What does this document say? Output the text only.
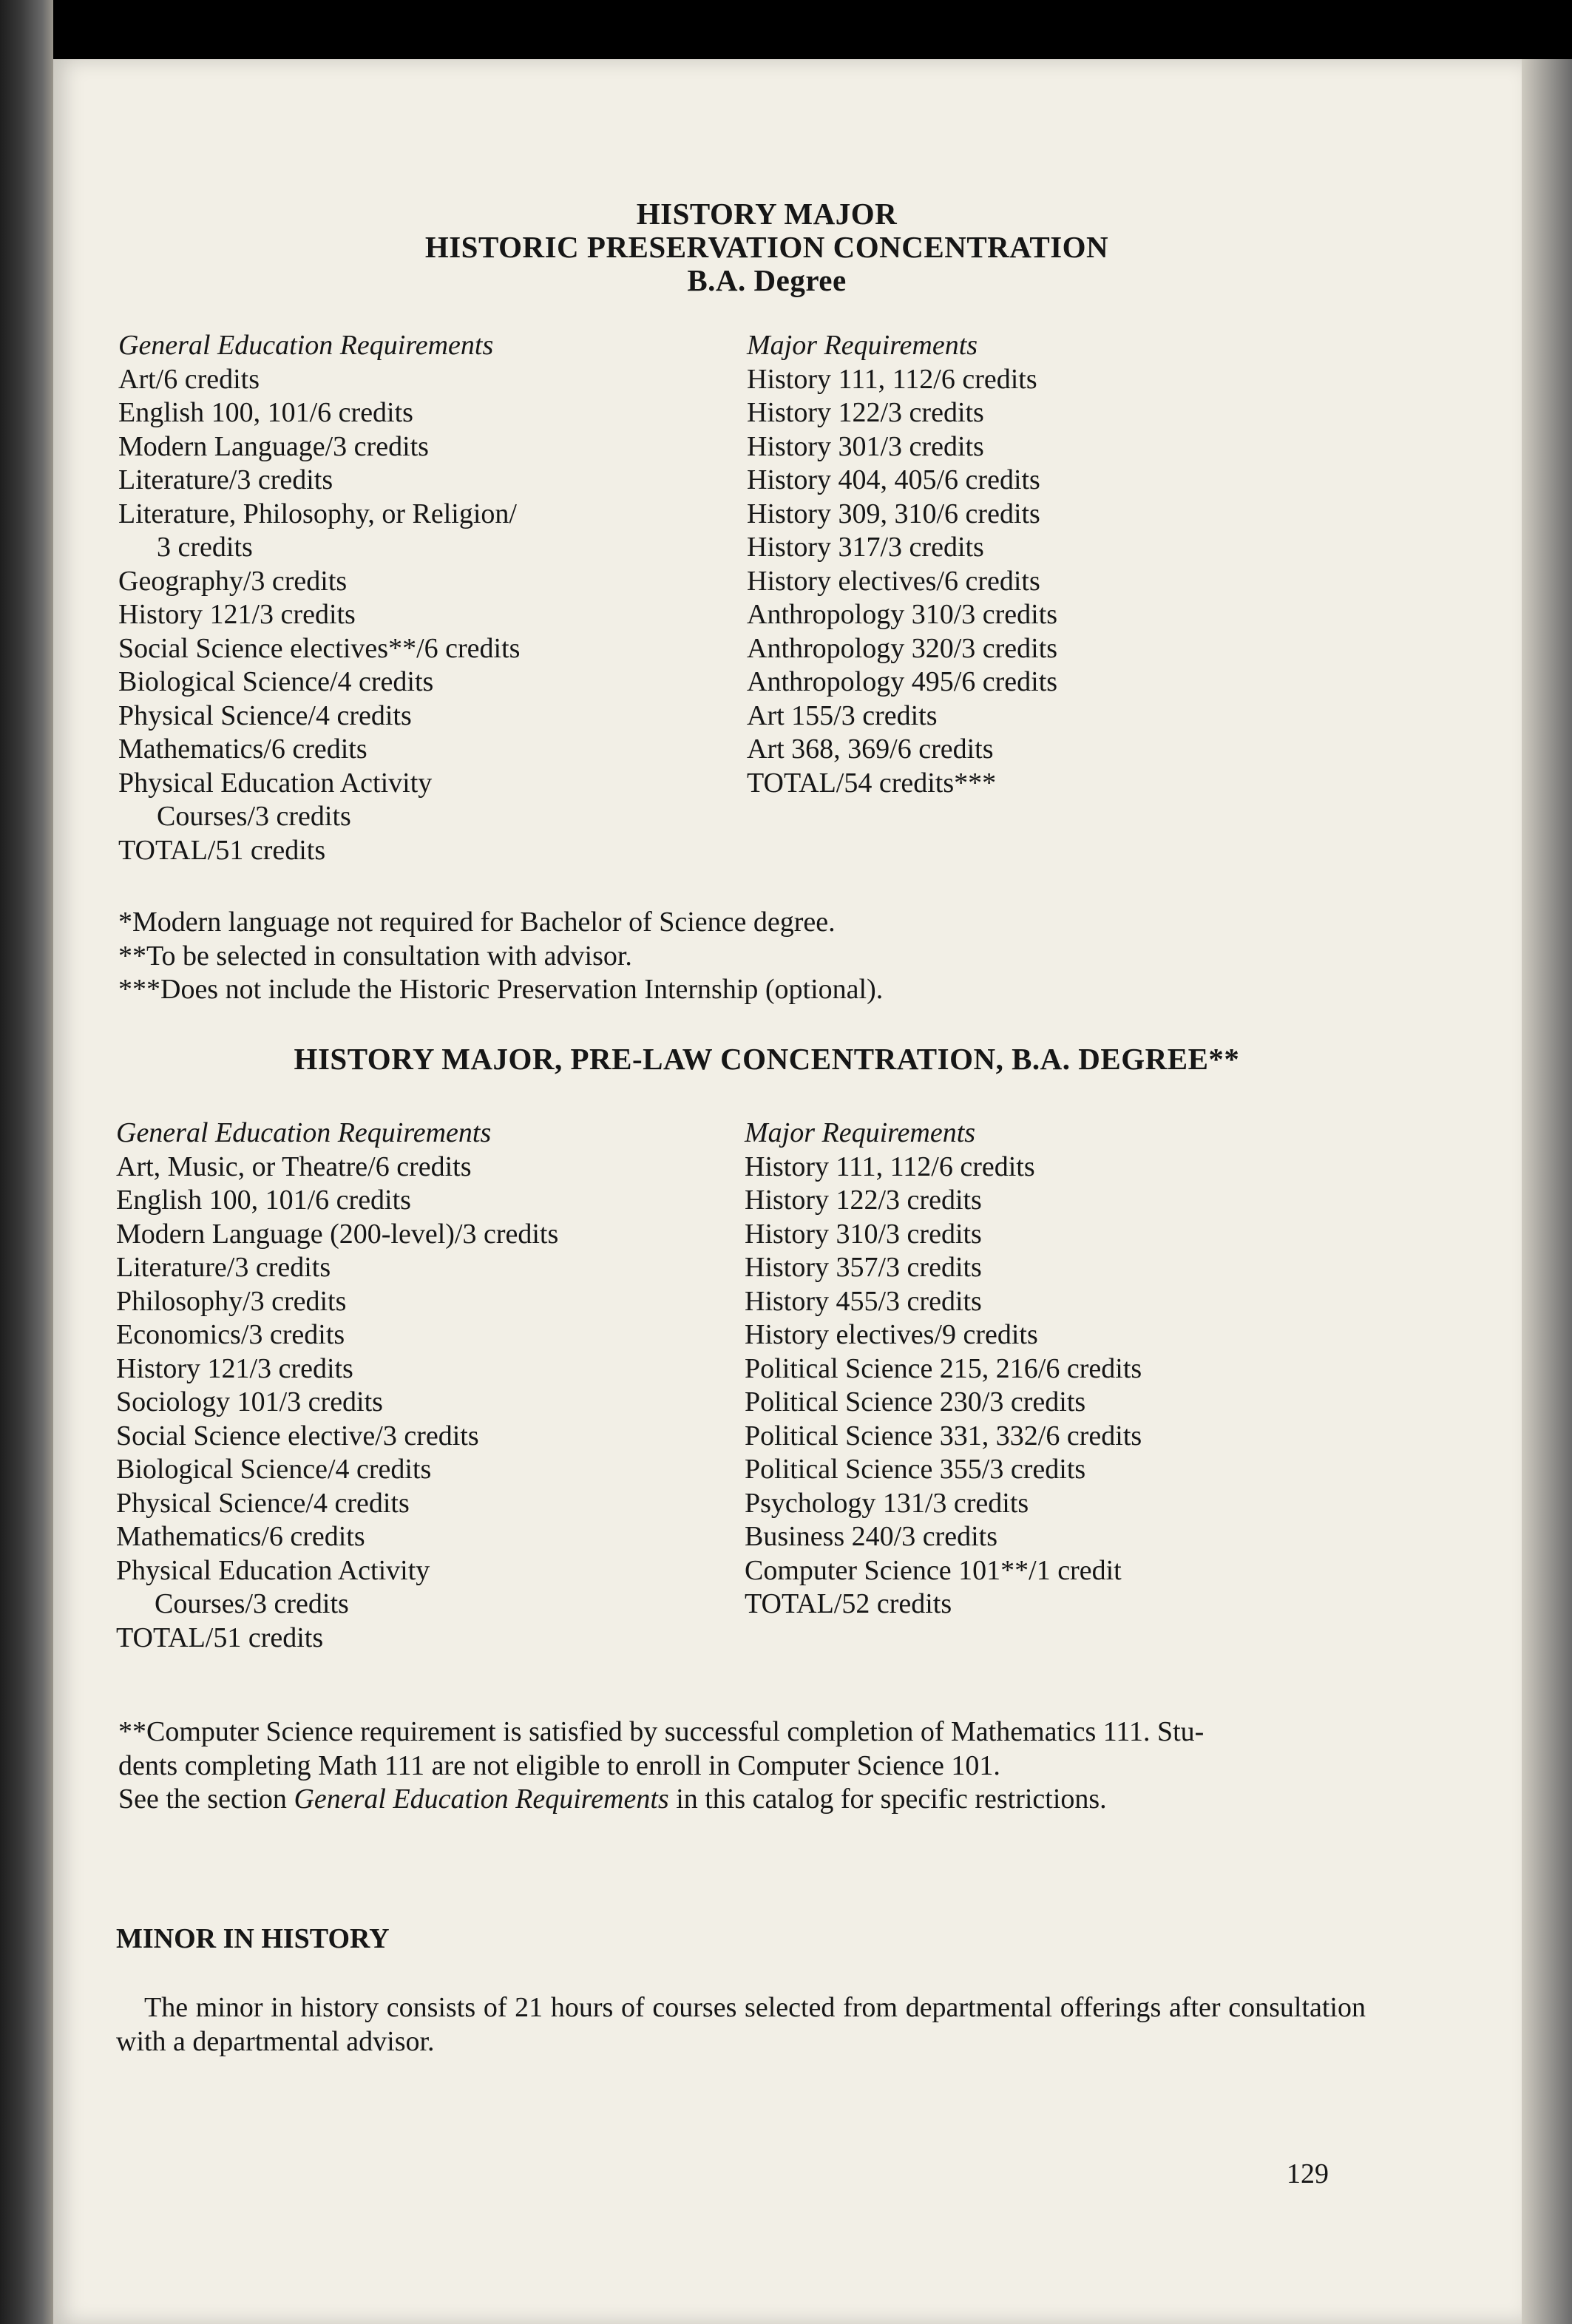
HISTORY MAJOR
HISTORIC PRESERVATION CONCENTRATION
B.A. Degree
General Education Requirements
Art/6 credits
English 100, 101/6 credits
Modern Language/3 credits
Literature/3 credits
Literature, Philosophy, or Religion/
3 credits
Geography/3 credits
History 121/3 credits
Social Science electives**/6 credits
Biological Science/4 credits
Physical Science/4 credits
Mathematics/6 credits
Physical Education Activity
Courses/3 credits
TOTAL/51 credits
Major Requirements
History 111, 112/6 credits
History 122/3 credits
History 301/3 credits
History 404, 405/6 credits
History 309, 310/6 credits
History 317/3 credits
History electives/6 credits
Anthropology 310/3 credits
Anthropology 320/3 credits
Anthropology 495/6 credits
Art 155/3 credits
Art 368, 369/6 credits
TOTAL/54 credits***
*Modern language not required for Bachelor of Science degree.
**To be selected in consultation with advisor.
***Does not include the Historic Preservation Internship (optional).
HISTORY MAJOR, PRE-LAW CONCENTRATION, B.A. DEGREE**
General Education Requirements
Art, Music, or Theatre/6 credits
English 100, 101/6 credits
Modern Language (200-level)/3 credits
Literature/3 credits
Philosophy/3 credits
Economics/3 credits
History 121/3 credits
Sociology 101/3 credits
Social Science elective/3 credits
Biological Science/4 credits
Physical Science/4 credits
Mathematics/6 credits
Physical Education Activity
Courses/3 credits
TOTAL/51 credits
Major Requirements
History 111, 112/6 credits
History 122/3 credits
History 310/3 credits
History 357/3 credits
History 455/3 credits
History electives/9 credits
Political Science 215, 216/6 credits
Political Science 230/3 credits
Political Science 331, 332/6 credits
Political Science 355/3 credits
Psychology 131/3 credits
Business 240/3 credits
Computer Science 101**/1 credit
TOTAL/52 credits
**Computer Science requirement is satisfied by successful completion of Mathematics 111. Stu-
dents completing Math 111 are not eligible to enroll in Computer Science 101.
See the section General Education Requirements in this catalog for specific restrictions.
MINOR IN HISTORY
The minor in history consists of 21 hours of courses selected from departmental offerings after consultation with a departmental advisor.
129
